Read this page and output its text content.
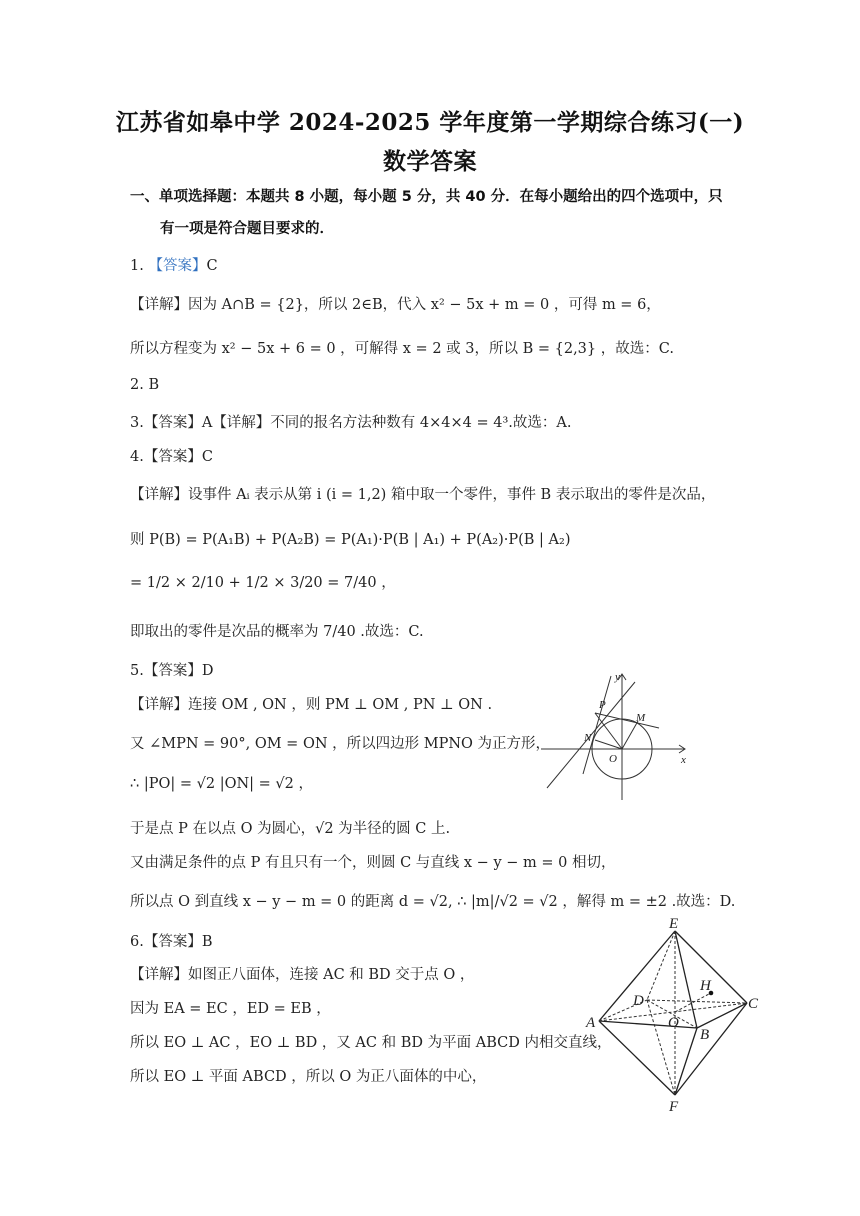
江苏省如皋中学 2024-2025 学年度第一学期综合练习(一)
数学答案
一、单项选择题：本题共 8 小题，每小题 5 分，共 40 分．在每小题给出的四个选项中，只
有一项是符合题目要求的．
1. 【答案】C
【详解】因为 A∩B = {2}，所以 2∈B，代入 x² − 5x + m = 0 ，可得 m = 6，
所以方程变为 x² − 5x + 6 = 0 ，可解得 x = 2 或 3，所以 B = {2,3} ，故选：C.
2. B
3.【答案】A【详解】不同的报名方法种数有 4×4×4 = 4³.故选：A.
4.【答案】C
【详解】设事件 Aᵢ 表示从第 i (i = 1,2) 箱中取一个零件，事件 B 表示取出的零件是次品，
则 P(B) = P(A₁B) + P(A₂B) = P(A₁)·P(B | A₁) + P(A₂)·P(B | A₂)
= 1/2 × 2/10 + 1/2 × 3/20 = 7/40 ，
即取出的零件是次品的概率为 7/40 .故选：C.
5.【答案】D
【详解】连接 OM , ON ，则 PM ⊥ OM , PN ⊥ ON .
又 ∠MPN = 90°, OM = ON ，所以四边形 MPNO 为正方形，
∴ |PO| = √2 |ON| = √2 ，
于是点 P 在以点 O 为圆心，√2 为半径的圆 C 上.
又由满足条件的点 P 有且只有一个，则圆 C 与直线 x − y − m = 0 相切，
所以点 O 到直线 x − y − m = 0 的距离 d = √2, ∴ |m|/√2 = √2 ，解得 m = ±2 .故选：D.
6.【答案】B
【详解】如图正八面体，连接 AC 和 BD 交于点 O ，
因为 EA = EC ，ED = EB ，
所以 EO ⊥ AC ，EO ⊥ BD ，又 AC 和 BD 为平面 ABCD 内相交直线，
所以 EO ⊥ 平面 ABCD ，所以 O 为正八面体的中心，
y
x
P
M
N
O
E
F
A
B
C
D
O
H
